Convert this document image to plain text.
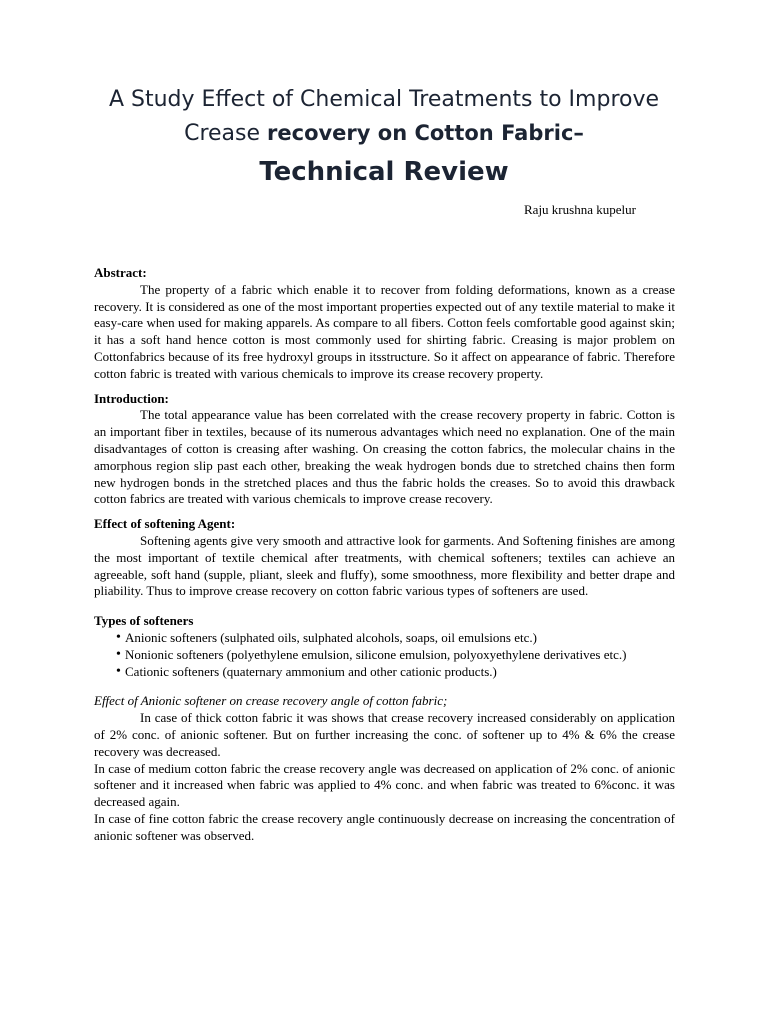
A Study Effect of Chemical Treatments to Improve
Crease recovery on Cotton Fabric–
Technical Review
Raju krushna kupelur

Abstract:

The property of a fabric which enable it to recover from folding deformations, known as a crease recovery. It is considered as one of the most important properties expected out of any textile material to make it easy-care when used for making apparels. As compare to all fibers. Cotton feels comfortable good against skin; it has a soft hand hence cotton is most commonly used for shirting fabric. Creasing is major problem on Cottonfabrics because of its free hydroxyl groups in itsstructure. So it affect on appearance of fabric. Therefore cotton fabric is treated with various chemicals to improve its crease recovery property.

Introduction:

The total appearance value has been correlated with the crease recovery property in fabric. Cotton is an important fiber in textiles, because of its numerous advantages which need no explanation. One of the main disadvantages of cotton is creasing after washing. On creasing the cotton fabrics, the molecular chains in the amorphous region slip past each other, breaking the weak hydrogen bonds due to stretched chains then form new hydrogen bonds in the stretched places and thus the fabric holds the creases. So to avoid this drawback cotton fabrics are treated with various chemicals to improve crease recovery.

Effect of softening Agent:

Softening agents give very smooth and attractive look for garments. And Softening finishes are among the most important of textile chemical after treatments, with chemical softeners; textiles can achieve an agreeable, soft hand (supple, pliant, sleek and fluffy), some smoothness, more flexibility and better drape and pliability. Thus to improve crease recovery on cotton fabric various types of softeners are used.

Types of softeners

• Anionic softeners (sulphated oils, sulphated alcohols, soaps, oil emulsions etc.)
• Nonionic softeners (polyethylene emulsion, silicone emulsion, polyoxyethylene derivatives etc.)
• Cationic softeners (quaternary ammonium and other cationic products.)

Effect of Anionic softener on crease recovery angle of cotton fabric;

In case of thick cotton fabric it was shows that crease recovery increased considerably on application of 2% conc. of anionic softener. But on further increasing the conc. of softener up to 4% & 6% the crease recovery was decreased.

In case of medium cotton fabric the crease recovery angle was decreased on application of 2% conc. of anionic softener and it increased when fabric was applied to 4% conc. and when fabric was treated to 6%conc. it was decreased again.

In case of fine cotton fabric the crease recovery angle continuously decrease on increasing the concentration of anionic softener was observed.
